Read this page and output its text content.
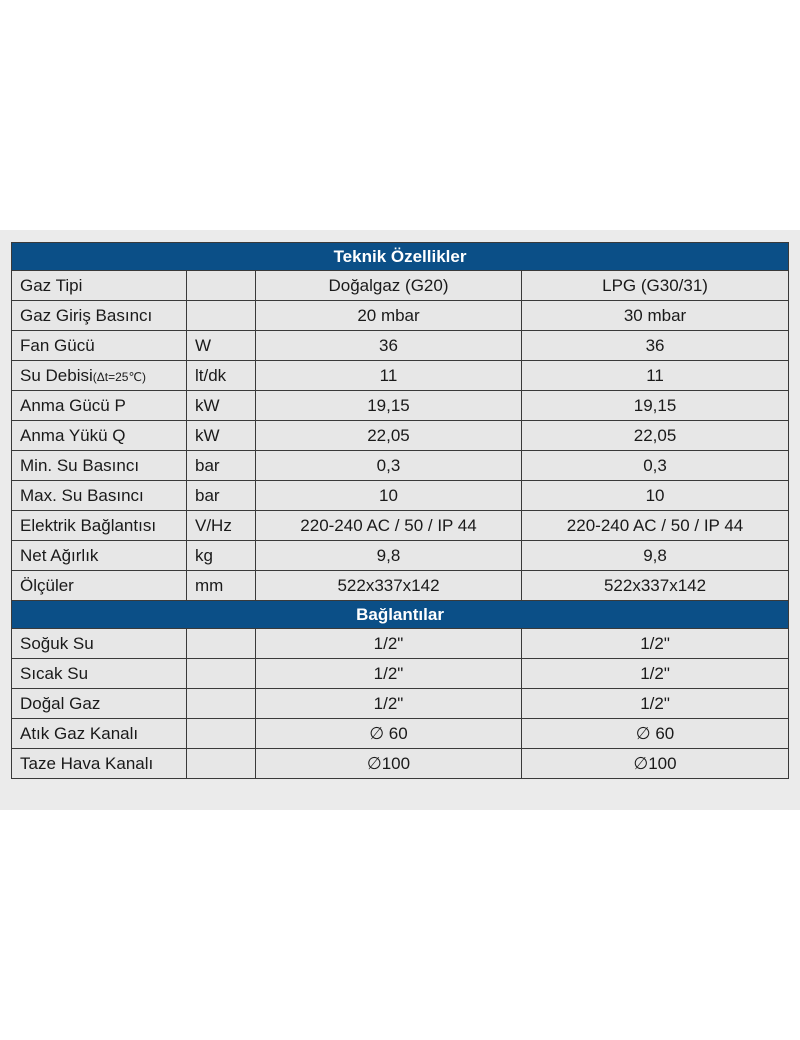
Teknik Özellikler			
Gaz Tipi		Doğalgaz (G20)	LPG (G30/31)
Gaz Giriş Basıncı		20 mbar	30 mbar
Fan Gücü	W	36	36
Su Debisi(Δt=25℃)	lt/dk	11	11
Anma Gücü P	kW	19,15	19,15
Anma Yükü Q	kW	22,05	22,05
Min. Su Basıncı	bar	0,3	0,3
Max. Su Basıncı	bar	10	10
Elektrik Bağlantısı	V/Hz	220-240 AC / 50 / IP 44	220-240 AC / 50 / IP 44
Net Ağırlık	kg	9,8	9,8
Ölçüler	mm	522x337x142	522x337x142
Bağlantılar			
Soğuk Su		1/2"	1/2"
Sıcak Su		1/2"	1/2"
Doğal Gaz		1/2"	1/2"
Atık Gaz Kanalı		∅ 60	∅ 60
Taze Hava Kanalı		∅100	∅100
